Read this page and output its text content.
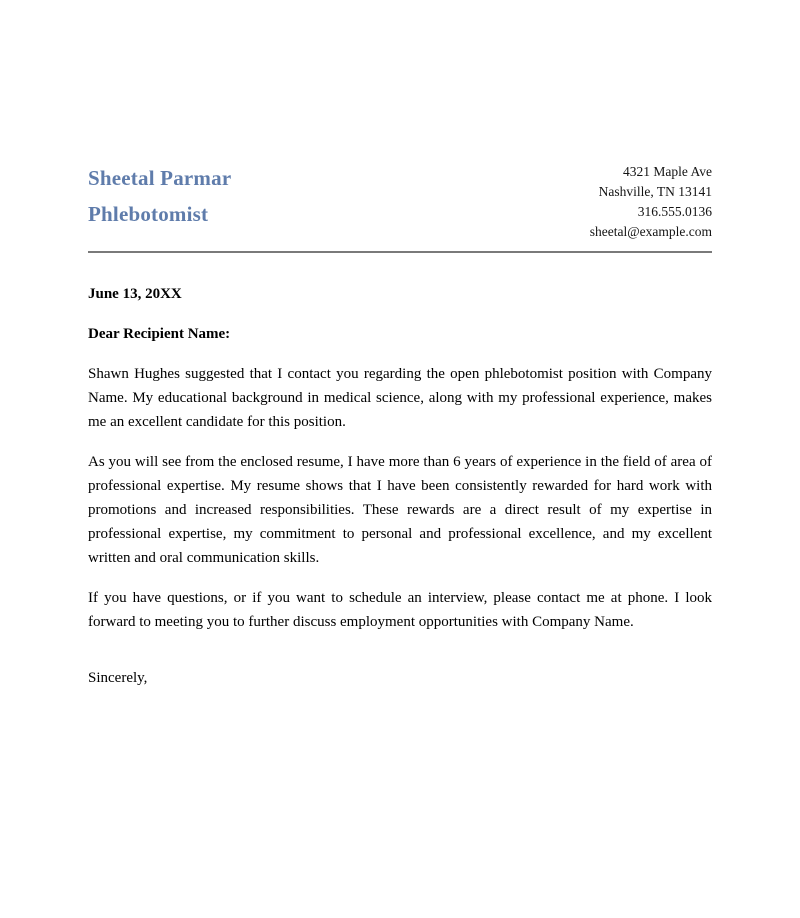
Sheetal Parmar
Phlebotomist
4321 Maple Ave
Nashville, TN 13141
316.555.0136
sheetal@example.com
June 13, 20XX
Dear Recipient Name:

Shawn Hughes suggested that I contact you regarding the open phlebotomist position with Company Name. My educational background in medical science, along with my professional experience, makes me an excellent candidate for this position.

As you will see from the enclosed resume, I have more than 6 years of experience in the field of area of professional expertise. My resume shows that I have been consistently rewarded for hard work with promotions and increased responsibilities. These rewards are a direct result of my expertise in professional expertise, my commitment to personal and professional excellence, and my excellent written and oral communication skills.

If you have questions, or if you want to schedule an interview, please contact me at phone. I look forward to meeting you to further discuss employment opportunities with Company Name.

Sincerely,
